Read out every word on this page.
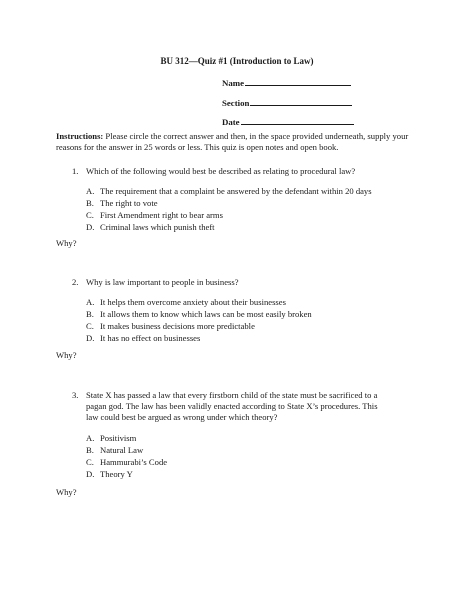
BU 312—Quiz #1 (Introduction to Law)
Name
Section
Date
Instructions: Please circle the correct answer and then, in the space provided underneath, supply your reasons for the answer in 25 words or less. This quiz is open notes and open book.
1. Which of the following would best be described as relating to procedural law?
A. The requirement that a complaint be answered by the defendant within 20 days
B. The right to vote
C. First Amendment right to bear arms
D. Criminal laws which punish theft
Why?
2. Why is law important to people in business?
A. It helps them overcome anxiety about their businesses
B. It allows them to know which laws can be most easily broken
C. It makes business decisions more predictable
D. It has no effect on businesses
Why?
3. State X has passed a law that every firstborn child of the state must be sacrificed to a pagan god. The law has been validly enacted according to State X’s procedures. This law could best be argued as wrong under which theory?
A. Positivism
B. Natural Law
C. Hammurabi’s Code
D. Theory Y
Why?
